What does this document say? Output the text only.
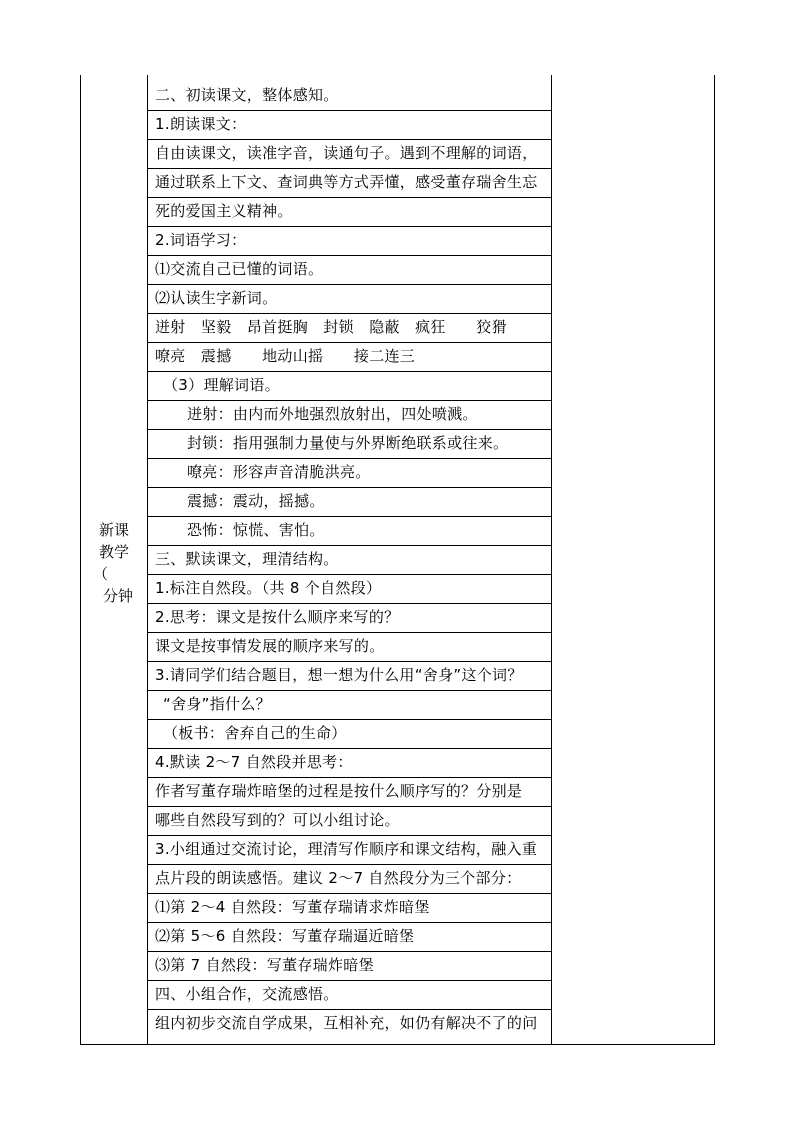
新课
教学
（
分钟
二、初读课文，整体感知。
1.朗读课文：
自由读课文，读准字音，读通句子。遇到不理解的词语，
通过联系上下文、查词典等方式弄懂，感受董存瑞舍生忘
死的爱国主义精神。
2.词语学习：
⑴交流自己已懂的词语。
⑵认读生字新词。
迸射　坚毅　昂首挺胸　封锁　隐蔽　疯狂　　狡猾
嘹亮　震撼　　地动山摇　　接二连三
（3）理解词语。
迸射：由内而外地强烈放射出，四处喷溅。
封锁：指用强制力量使与外界断绝联系或往来。
嘹亮：形容声音清脆洪亮。
震撼：震动，摇撼。
恐怖：惊慌、害怕。
三、默读课文，理清结构。
1.标注自然段。（共 8 个自然段）
2.思考：课文是按什么顺序来写的？
课文是按事情发展的顺序来写的。
3.请同学们结合题目，想一想为什么用“舍身”这个词？
“舍身”指什么？
（板书：舍弃自己的生命）
4.默读 2～7 自然段并思考：
作者写董存瑞炸暗堡的过程是按什么顺序写的？分别是
哪些自然段写到的？可以小组讨论。
3.小组通过交流讨论，理清写作顺序和课文结构，融入重
点片段的朗读感悟。建议 2～7 自然段分为三个部分：
⑴第 2～4 自然段：写董存瑞请求炸暗堡
⑵第 5～6 自然段：写董存瑞逼近暗堡
⑶第 7 自然段：写董存瑞炸暗堡
四、小组合作，交流感悟。
组内初步交流自学成果，互相补充，如仍有解决不了的问
